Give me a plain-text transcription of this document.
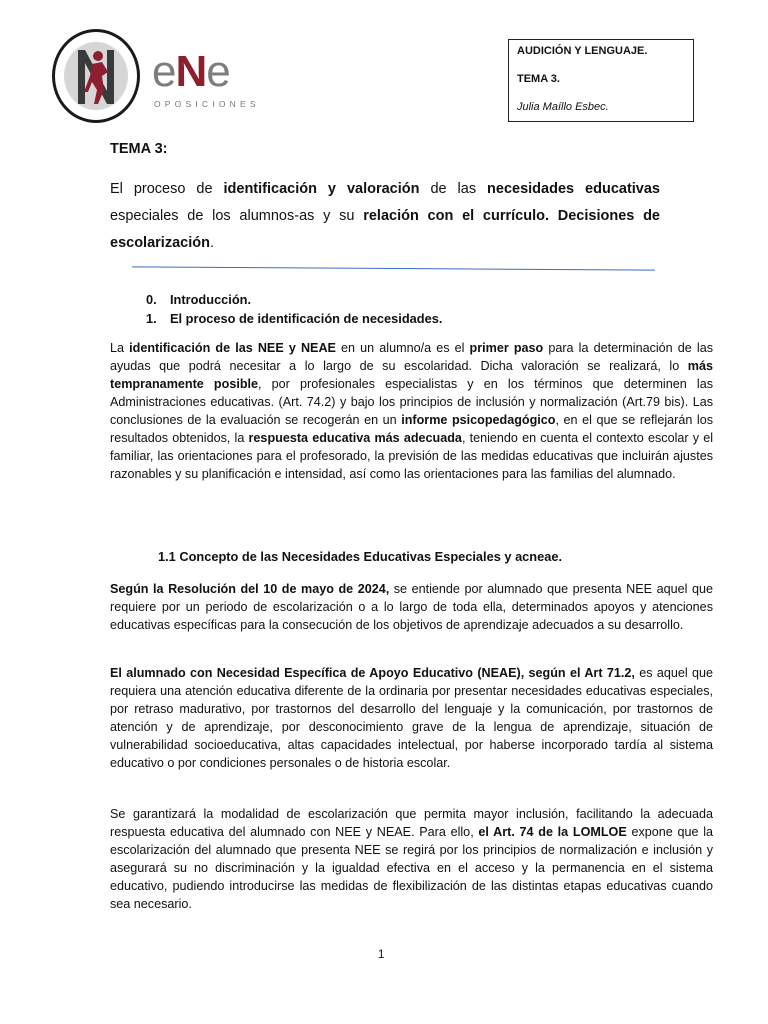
eNe
OPOSICIONES
AUDICIÓN Y LENGUAJE.
TEMA 3.
Julia Maíllo Esbec.
TEMA 3:
El proceso de identificación y valoración de las necesidades educativas especiales de los alumnos-as y su relación con el currículo. Decisiones de escolarización.
0. Introducción.
1. El proceso de identificación de necesidades.
La identificación de las NEE y NEAE en un alumno/a es el primer paso para la determinación de las ayudas que podrá necesitar a lo largo de su escolaridad. Dicha valoración se realizará, lo más tempranamente posible, por profesionales especialistas y en los términos que determinen las Administraciones educativas. (Art. 74.2) y bajo los principios de inclusión y normalización (Art.79 bis). Las conclusiones de la evaluación se recogerán en un informe psicopedagógico, en el que se reflejarán los resultados obtenidos, la respuesta educativa más adecuada, teniendo en cuenta el contexto escolar y el familiar, las orientaciones para el profesorado, la previsión de las medidas educativas que incluirán ajustes razonables y su planificación e intensidad, así como las orientaciones para las familias del alumnado.
1.1 Concepto de las Necesidades Educativas Especiales y acneae.
Según la Resolución del 10 de mayo de 2024, se entiende por alumnado que presenta NEE aquel que requiere por un periodo de escolarización o a lo largo de toda ella, determinados apoyos y atenciones educativas específicas para la consecución de los objetivos de aprendizaje adecuados a su desarrollo.
El alumnado con Necesidad Específica de Apoyo Educativo (NEAE), según el Art 71.2, es aquel que requiera una atención educativa diferente de la ordinaria por presentar necesidades educativas especiales, por retraso madurativo, por trastornos del desarrollo del lenguaje y la comunicación, por trastornos de atención y de aprendizaje, por desconocimiento grave de la lengua de aprendizaje, situación de vulnerabilidad socioeducativa, altas capacidades intelectual, por haberse incorporado tardía al sistema educativo o por condiciones personales o de historia escolar.
Se garantizará la modalidad de escolarización que permita mayor inclusión, facilitando la adecuada respuesta educativa del alumnado con NEE y NEAE. Para ello, el Art. 74 de la LOMLOE expone que la escolarización del alumnado que presenta NEE se regirá por los principios de normalización e inclusión y asegurará su no discriminación y la igualdad efectiva en el acceso y la permanencia en el sistema educativo, pudiendo introducirse las medidas de flexibilización de las distintas etapas educativas cuando sea necesario.
1
